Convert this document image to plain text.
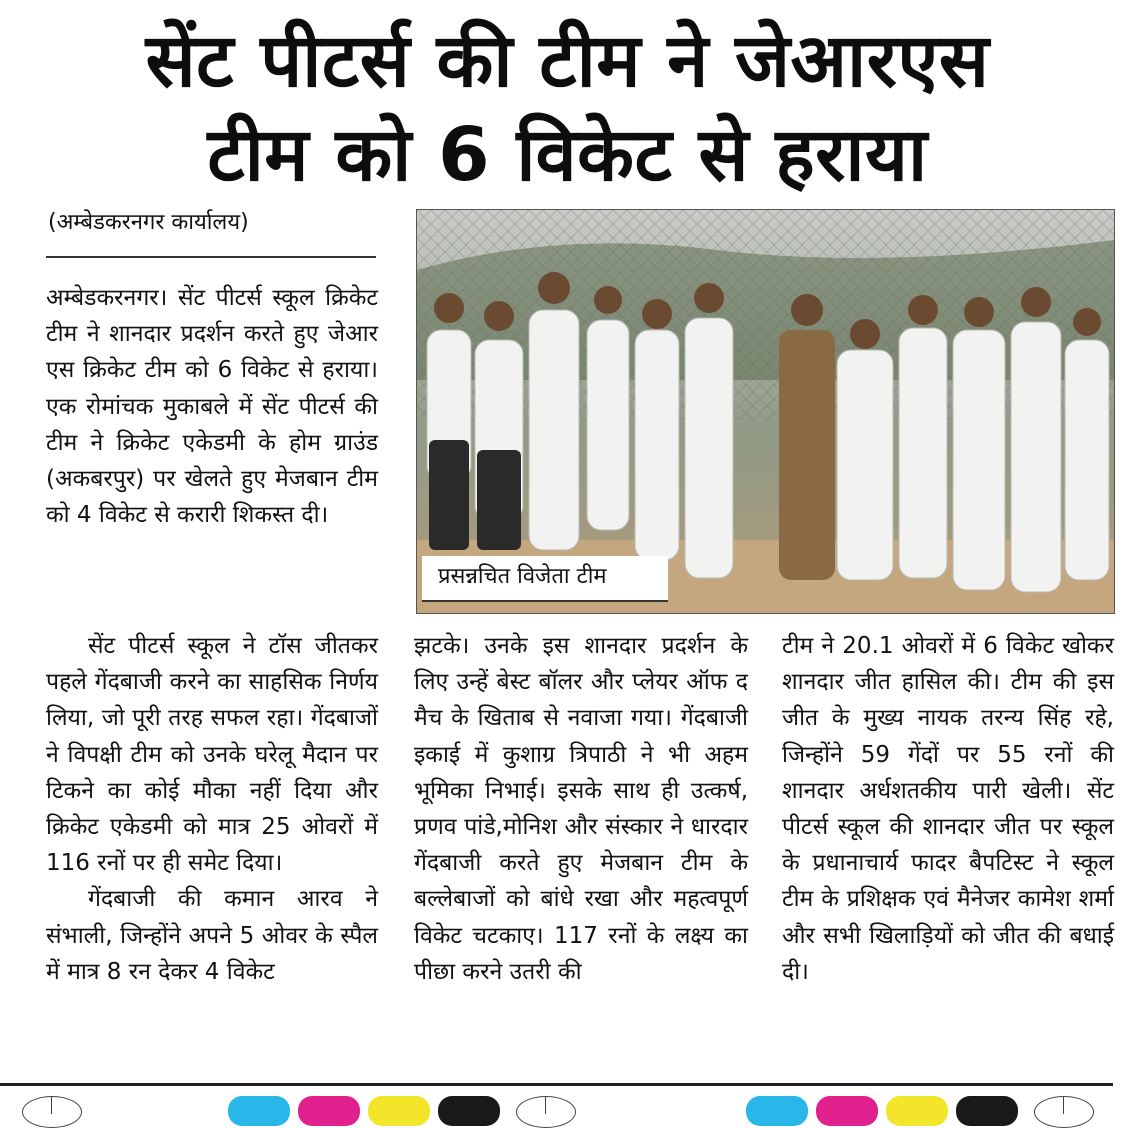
सेंट पीटर्स की टीम ने जेआरएस
टीम को 6 विकेट से हराया
(अम्बेडकरनगर कार्यालय)

अम्बेडकरनगर। सेंट पीटर्स स्कूल क्रिकेट टीम ने शानदार प्रदर्शन करते हुए जेआर एस क्रिकेट टीम को 6 विकेट से हराया। एक रोमांचक मुकाबले में सेंट पीटर्स की टीम ने क्रिकेट एकेडमी के होम ग्राउंड (अकबरपुर) पर खेलते हुए मेजबान टीम को 4 विकेट से करारी शिकस्त दी।

प्रसन्नचित विजेता टीम

सेंट पीटर्स स्कूल ने टॉस जीतकर पहले गेंदबाजी करने का साहसिक निर्णय लिया, जो पूरी तरह सफल रहा। गेंदबाजों ने विपक्षी टीम को उनके घरेलू मैदान पर टिकने का कोई मौका नहीं दिया और क्रिकेट एकेडमी को मात्र 25 ओवरों में 116 रनों पर ही समेट दिया।

गेंदबाजी की कमान आरव ने संभाली, जिन्होंने अपने 5 ओवर के स्पैल में मात्र 8 रन देकर 4 विकेट

झटके। उनके इस शानदार प्रदर्शन के लिए उन्हें बेस्ट बॉलर और प्लेयर ऑफ द मैच के खिताब से नवाजा गया। गेंदबाजी इकाई में कुशाग्र त्रिपाठी ने भी अहम भूमिका निभाई। इसके साथ ही उत्कर्ष, प्रणव पांडे,मोनिश और संस्कार ने धारदार गेंदबाजी करते हुए मेजबान टीम के बल्लेबाजों को बांधे रखा और महत्वपूर्ण विकेट चटकाए। 117 रनों के लक्ष्य का पीछा करने उतरी की

टीम ने 20.1 ओवरों में 6 विकेट खोकर शानदार जीत हासिल की। टीम की इस जीत के मुख्य नायक तरन्य सिंह रहे, जिन्होंने 59 गेंदों पर 55 रनों की शानदार अर्धशतकीय पारी खेली। सेंट पीटर्स स्कूल की शानदार जीत पर स्कूल के प्रधानाचार्य फादर बैपटिस्ट ने स्कूल टीम के प्रशिक्षक एवं मैनेजर कामेश शर्मा और सभी खिलाड़ियों को जीत की बधाई दी।
